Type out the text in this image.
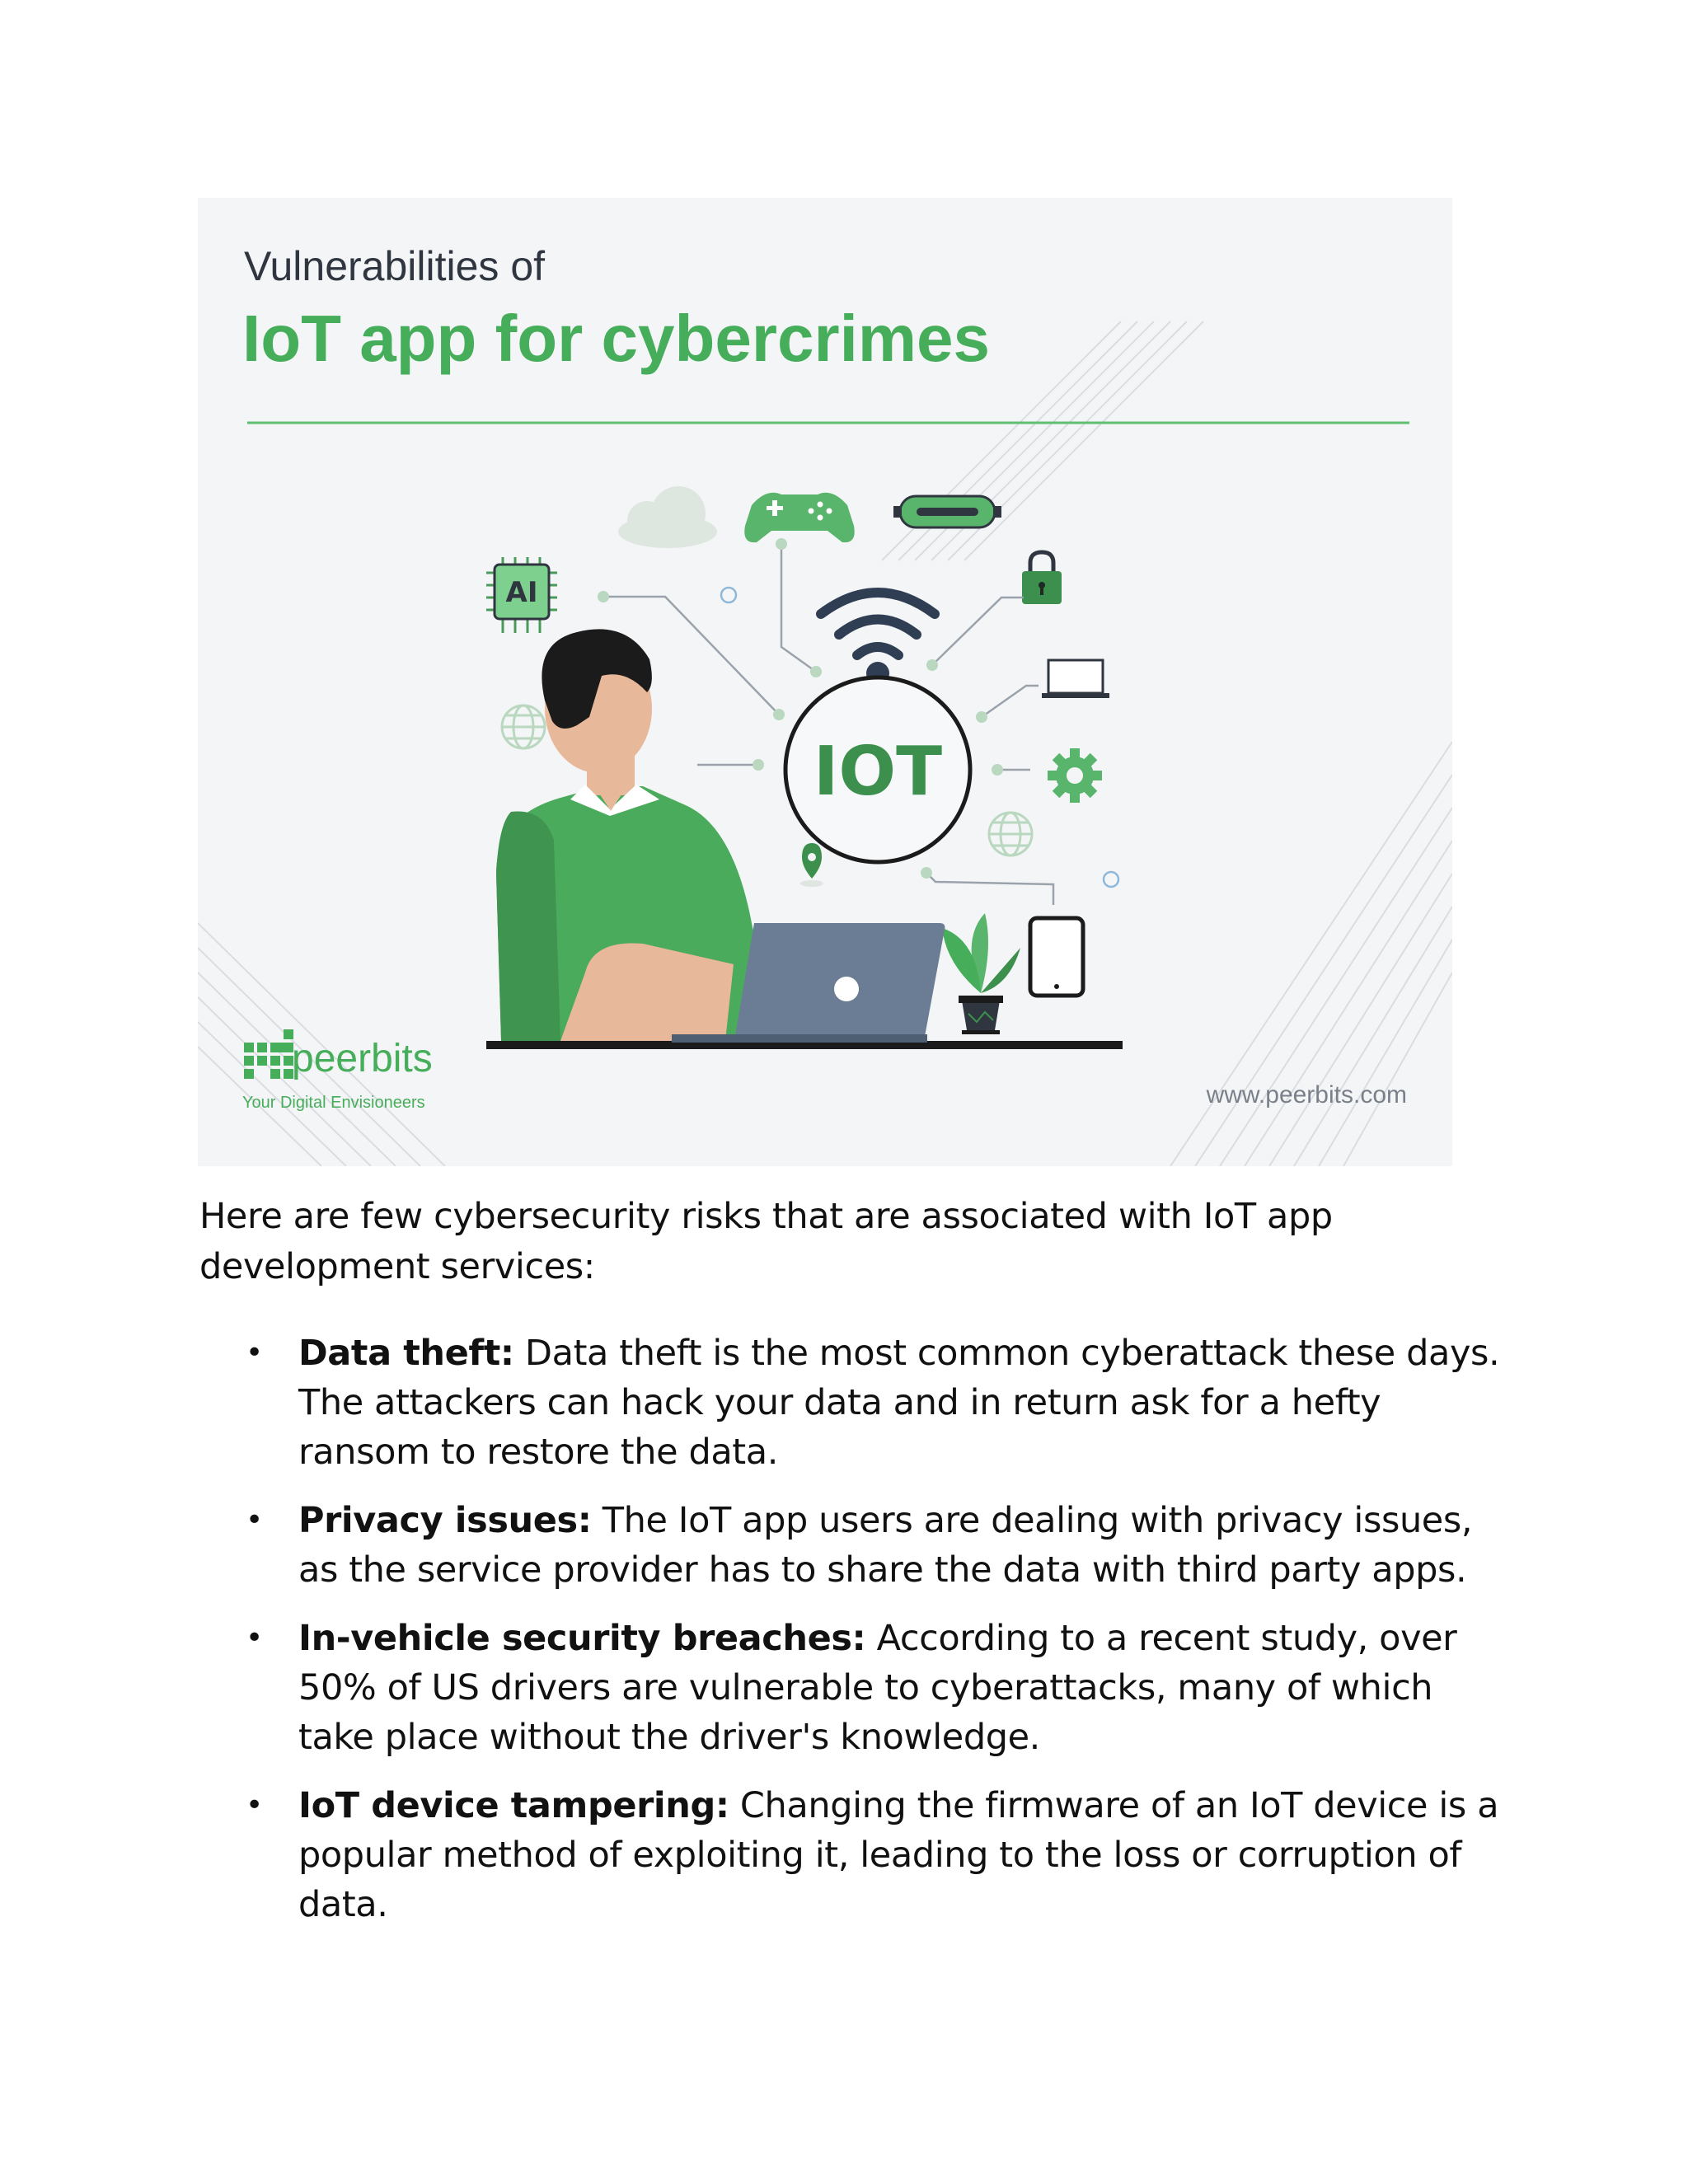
Vulnerabilities of
IoT app for cybercrimes
AI
IOT
peerbits
Your Digital Envisioneers	www.peerbits.com

Here are few cybersecurity risks that are associated with IoT app development services:

• Data theft: Data theft is the most common cyberattack these days. The attackers can hack your data and in return ask for a hefty ransom to restore the data.
• Privacy issues: The IoT app users are dealing with privacy issues, as the service provider has to share the data with third party apps.
• In-vehicle security breaches: According to a recent study, over 50% of US drivers are vulnerable to cyberattacks, many of which take place without the driver's knowledge.
• IoT device tampering: Changing the firmware of an IoT device is a popular method of exploiting it, leading to the loss or corruption of data.
